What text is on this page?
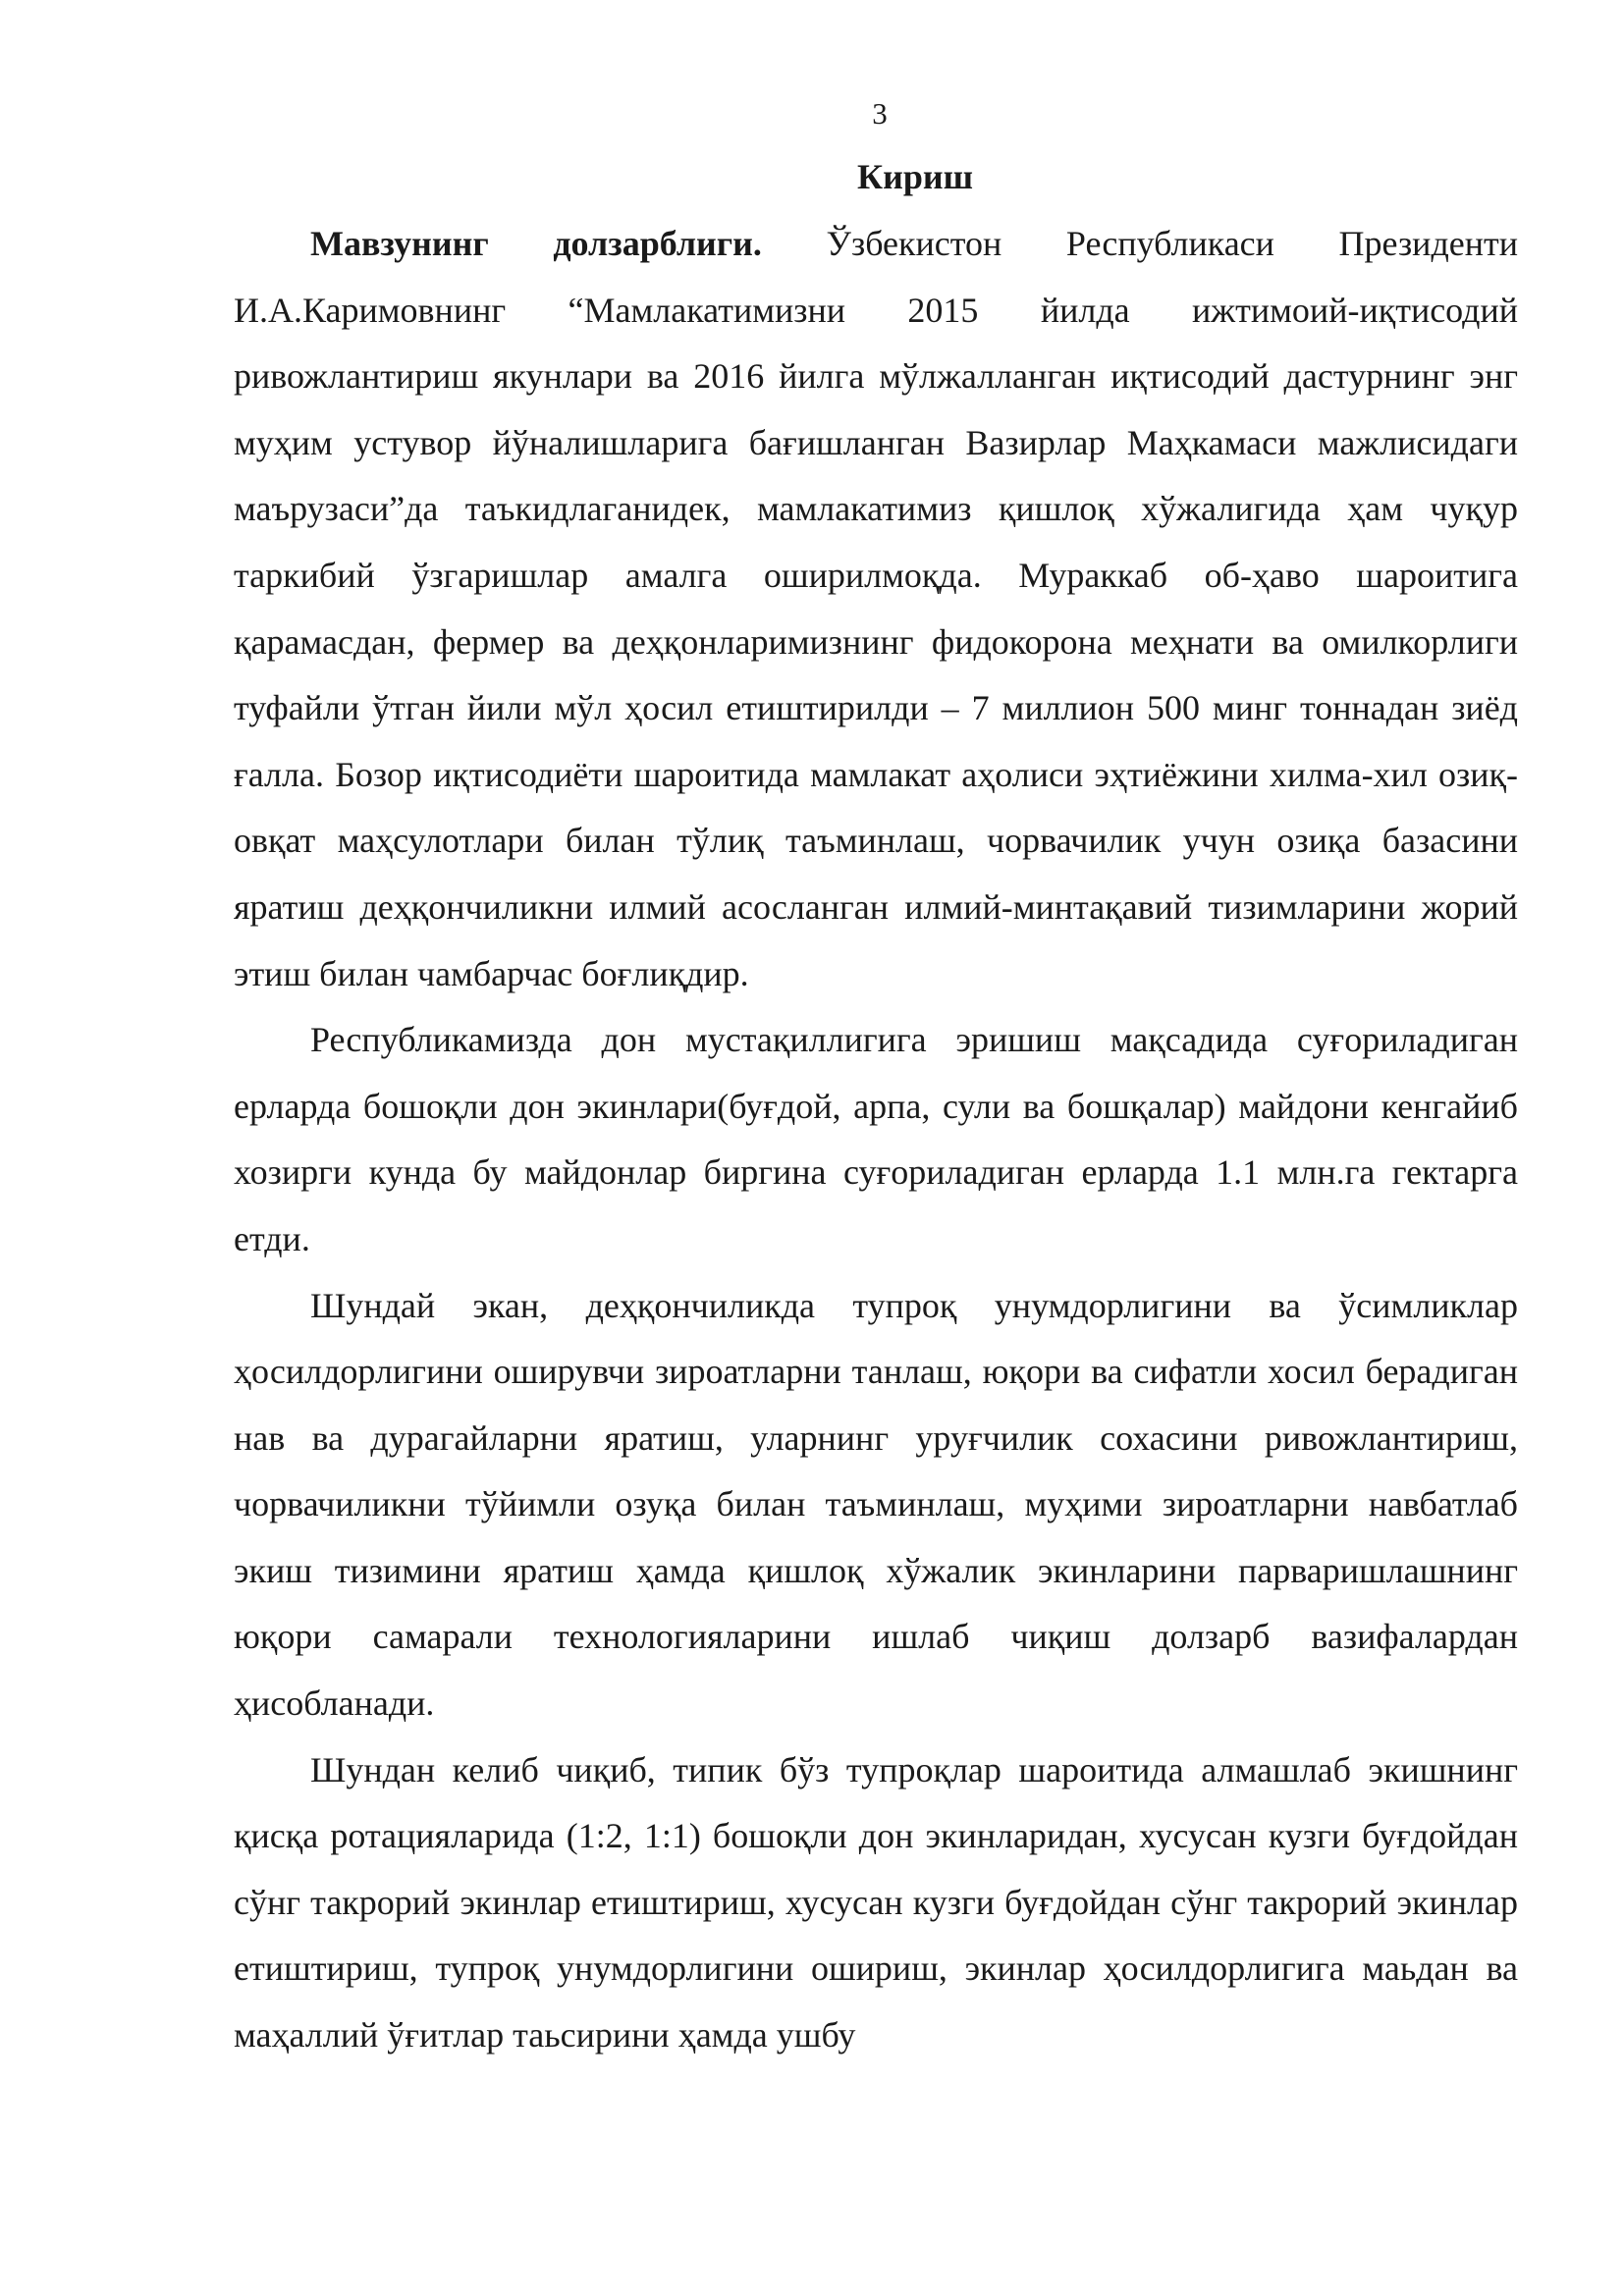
3
Кириш

Мавзунинг долзарблиги. Ўзбекистон Республикаси Президенти И.А.Каримовнинг “Мамлакатимизни 2015 йилда ижтимоий-иқтисодий ривожлантириш якунлари ва 2016 йилга мўлжалланган иқтисодий дастурнинг энг муҳим устувор йўналишларига бағишланган Вазирлар Маҳкамаси мажлисидаги маърузаси”да таъкидлаганидек, мамлакатимиз қишлоқ хўжалигида ҳам чуқур таркибий ўзгаришлар амалга оширилмоқда. Мураккаб об-ҳаво шароитига қарамасдан, фермер ва деҳқонларимизнинг фидокорона меҳнати ва омилкорлиги туфайли ўтган йили мўл ҳосил етиштирилди – 7 миллион 500 минг тоннадан зиёд ғалла. Бозор иқтисодиёти шароитида мамлакат аҳолиси эҳтиёжини хилма-хил озиқ-овқат маҳсулотлари билан тўлиқ таъминлаш, чорвачилик учун озиқа базасини яратиш деҳқончиликни илмий асосланган илмий-минтақавий тизимларини жорий этиш билан чамбарчас боғлиқдир.

Республикамизда дон мустақиллигига эришиш мақсадида суғориладиган ерларда бошоқли дон экинлари(буғдой, арпа, сули ва бошқалар) майдони кенгайиб хозирги кунда бу майдонлар биргина суғориладиган ерларда 1.1 млн.га гектарга етди.

Шундай экан, деҳқончиликда тупроқ унумдорлигини ва ўсимликлар ҳосилдорлигини оширувчи зироатларни танлаш, юқори ва сифатли хосил берадиган нав ва дурагайларни яратиш, уларнинг уруғчилик сохасини ривожлантириш, чорвачиликни тўйимли озуқа билан таъминлаш, муҳими зироатларни навбатлаб экиш тизимини яратиш ҳамда қишлоқ хўжалик экинларини парваришлашнинг юқори самарали технологияларини ишлаб чиқиш долзарб вазифалардан ҳисобланади.

Шундан келиб чиқиб, типик бўз тупроқлар шароитида алмашлаб экишнинг қисқа ротацияларида (1:2, 1:1) бошоқли дон экинларидан, хусусан кузги буғдойдан сўнг такрорий экинлар етиштириш, хусусан кузги буғдойдан сўнг такрорий экинлар етиштириш, тупроқ унумдорлигини ошириш, экинлар ҳосилдорлигига маьдан ва маҳаллий ўғитлар таьсирини ҳамда ушбу
